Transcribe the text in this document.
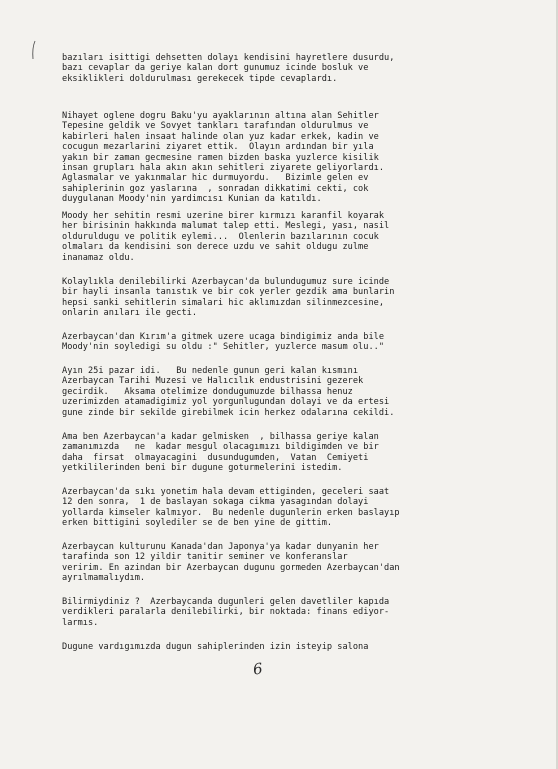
bazıları isittigi dehsetten dolayı kendisini hayretlere dusurdu,
bazı cevaplar da geriye kalan dort gunumuz icinde bosluk ve
eksiklikleri doldurulması gerekecek tipde cevaplardı.

Nihayet oglene dogru Baku'yu ayaklarının altına alan Sehitler
Tepesine geldik ve Sovyet tankları tarafından oldurulmus ve
kabirleri halen insaat halinde olan yuz kadar erkek, kadin ve
cocugun mezarlarini ziyaret ettik.  Olayın ardından bir yıla
yakın bir zaman gecmesine ramen bizden baska yuzlerce kisilik
insan grupları hala akın akın sehitleri ziyarete geliyorlardı.
Aglasmalar ve yakınmalar hic durmuyordu.   Bizimle gelen ev
sahiplerinin goz yaslarına  , sonradan dikkatimi cekti, cok
duygulanan Moody'nin yardimcısı Kunian da katıldı.

Moody her sehitin resmi uzerine birer kırmızı karanfil koyarak
her birisinin hakkında malumat talep etti. Meslegi, yası, nasil
olduruldugu ve politik eylemi...  Olenlerin bazılarının cocuk
olmaları da kendisini son derece uzdu ve sahit oldugu zulme
inanamaz oldu.

Kolaylıkla denilebilirki Azerbaycan'da bulundugumuz sure icinde
bir hayli insanla tanıstık ve bir cok yerler gezdik ama bunlarin
hepsi sanki sehitlerin simalari hic aklımızdan silinmezcesine,
onlarin anıları ile gecti.

Azerbaycan'dan Kırım'a gitmek uzere ucaga bindigimiz anda bile
Moody'nin soyledigi su oldu :" Sehitler, yuzlerce masum olu.."

Ayın 25i pazar idi.   Bu nedenle gunun geri kalan kısmını
Azerbaycan Tarihi Muzesi ve Halıcılık endustrisini gezerek
gecirdik.   Aksama otelimize dondugumuzde bilhassa henuz
uzerimizden atamadigimiz yol yorgunlugundan dolayi ve da ertesi
gune zinde bir sekilde girebilmek icin herkez odalarına cekildi.

Ama ben Azerbaycan'a kadar gelmisken  , bilhassa geriye kalan
zamanımızda   ne  kadar mesgul olacagımızı bildigimden ve bir
daha  firsat  olmayacagini  dusundugumden,  Vatan  Cemiyeti
yetkililerinden beni bir dugune goturmelerini istedim.

Azerbaycan'da sıkı yonetim hala devam ettiginden, geceleri saat
12 den sonra,  1 de baslayan sokaga cikma yasagından dolayi
yollarda kimseler kalmıyor.  Bu nedenle dugunlerin erken baslayıp
erken bittigini soylediler se de ben yine de gittim.

Azerbaycan kulturunu Kanada'dan Japonya'ya kadar dunyanin her
tarafinda son 12 yildir tanitir seminer ve konferanslar
veririm. En azindan bir Azerbaycan dugunu gormeden Azerbaycan'dan
ayrılmamalıydım.

Bilirmiydiniz ?  Azerbaycanda dugunleri gelen davetliler kapıda
verdikleri paralarla denilebilirki, bir noktada: finans ediyor-
larmıs.

Dugune vardıgımızda dugun sahiplerinden izin isteyip salona

6
